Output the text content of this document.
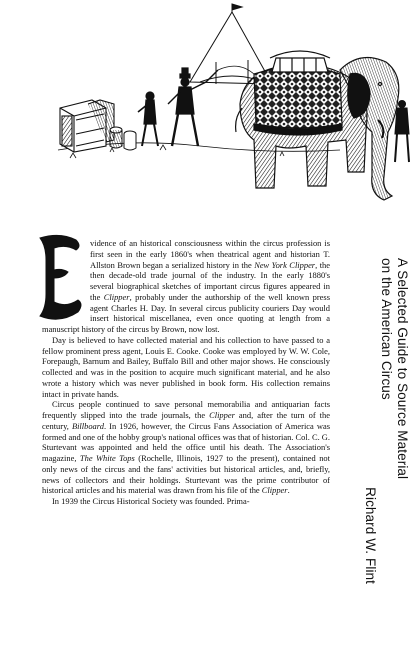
A Selected Guide to Source Material
on the American Circus
Richard W. Flint

vidence of an historical consciousness within the circus profession is first seen in the early 1860's when theatrical agent and historian T. Allston Brown began a serialized history in the New York Clipper, the then decade-old trade journal of the industry. In the early 1880's several biographical sketches of important circus figures appeared in the Clipper, probably under the authorship of the well known press agent Charles H. Day. In several circus publicity couriers Day would insert historical miscellanea, even once quoting at length from a manuscript history of the circus by Brown, now lost.

Day is believed to have collected material and his collection to have passed to a fellow prominent press agent, Louis E. Cooke. Cooke was employed by W. W. Cole, Forepaugh, Barnum and Bailey, Buffalo Bill and other major shows. He consciously collected and was in the position to acquire much significant material, and he also wrote a history which was never published in book form. His collection remains intact in private hands.

Circus people continued to save personal memorabilia and antiquarian facts frequently slipped into the trade journals, the Clipper and, after the turn of the century, Billboard. In 1926, however, the Circus Fans Association of America was formed and one of the hobby group's national offices was that of historian. Col. C. G. Sturtevant was appointed and held the office until his death. The Association's magazine, The White Tops (Rochelle, Illinois, 1927 to the present), contained not only news of the circus and the fans' activities but historical articles, and, briefly, news of collectors and their holdings. Sturtevant was the prime contributor of historical articles and his material was drawn from his file of the Clipper.

In 1939 the Circus Historical Society was founded. Prima-
